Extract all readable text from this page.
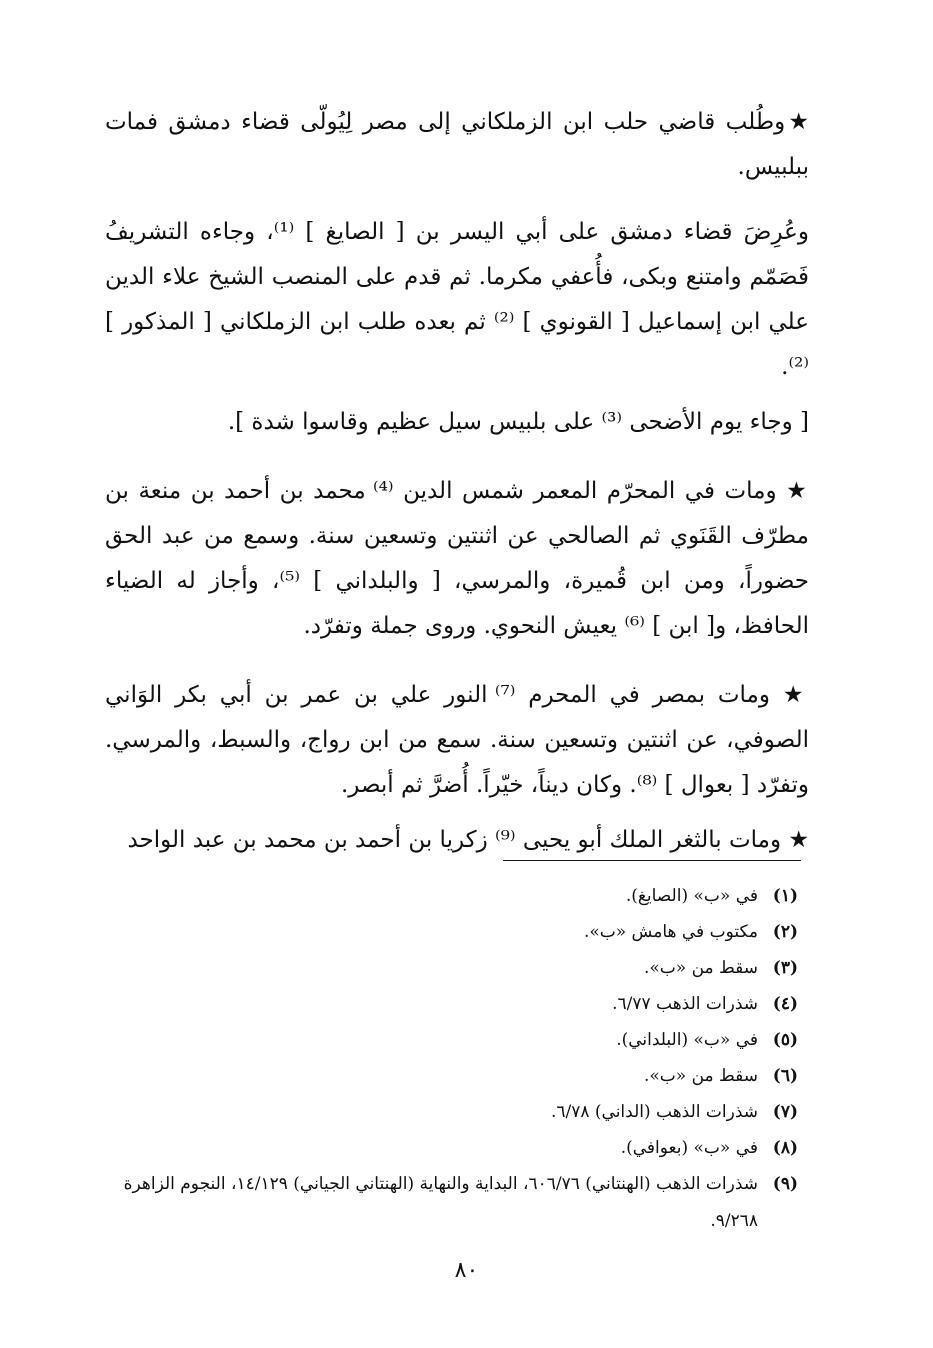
★وطُلب قاضي حلب ابن الزملكاني إلى مصر لِيُولّى قضاء دمشق فمات ببلبيس.

وعُرِضَ قضاء دمشق على أبي اليسر بن [ الصايغ ] ⁽¹⁾، وجاءه التشريفُ فَصَمّم وامتنع وبكى، فأُعفي مكرما. ثم قدم على المنصب الشيخ علاء الدين علي ابن إسماعيل [ القونوي ] ⁽²⁾ ثم بعده طلب ابن الزملكاني [ المذكور ] ⁽²⁾.

[ وجاء يوم الأضحى ⁽³⁾ على بلبيس سيل عظيم وقاسوا شدة ].

★ ومات في المحرّم المعمر شمس الدين ⁽⁴⁾ محمد بن أحمد بن منعة بن مطرّف القَنَوي ثم الصالحي عن اثنتين وتسعين سنة. وسمع من عبد الحق حضوراً، ومن ابن قُميرة، والمرسي، [ والبلداني ] ⁽⁵⁾، وأجاز له الضياء الحافظ، و[ ابن ] ⁽⁶⁾ يعيش النحوي. وروى جملة وتفرّد.

★ ومات بمصر في المحرم ⁽⁷⁾ النور علي بن عمر بن أبي بكر الوَاني الصوفي، عن اثنتين وتسعين سنة. سمع من ابن رواج، والسبط، والمرسي. وتفرّد [ بعوال ] ⁽⁸⁾. وكان ديناً، خيّراً. أُضرَّ ثم أبصر.

★ ومات بالثغر الملك أبو يحيى ⁽⁹⁾ زكريا بن أحمد بن محمد بن عبد الواحد

(١)
في «ب» (الصايغ).
(٢)
مكتوب في هامش «ب».
(٣)
سقط من «ب».
(٤)
شذرات الذهب ٦/٧٧.
(٥)
في «ب» (البلداني).
(٦)
سقط من «ب».
(٧)
شذرات الذهب (الداني) ٦/٧٨.
(٨)
في «ب» (بعوافي).
(٩)
شذرات الذهب (الهنتاني) ٦٠٦/٧٦، البداية والنهاية (الهنتاني الجياني) ١٤/١٢٩، النجوم الزاهرة ٩/٢٦٨.
٨٠
